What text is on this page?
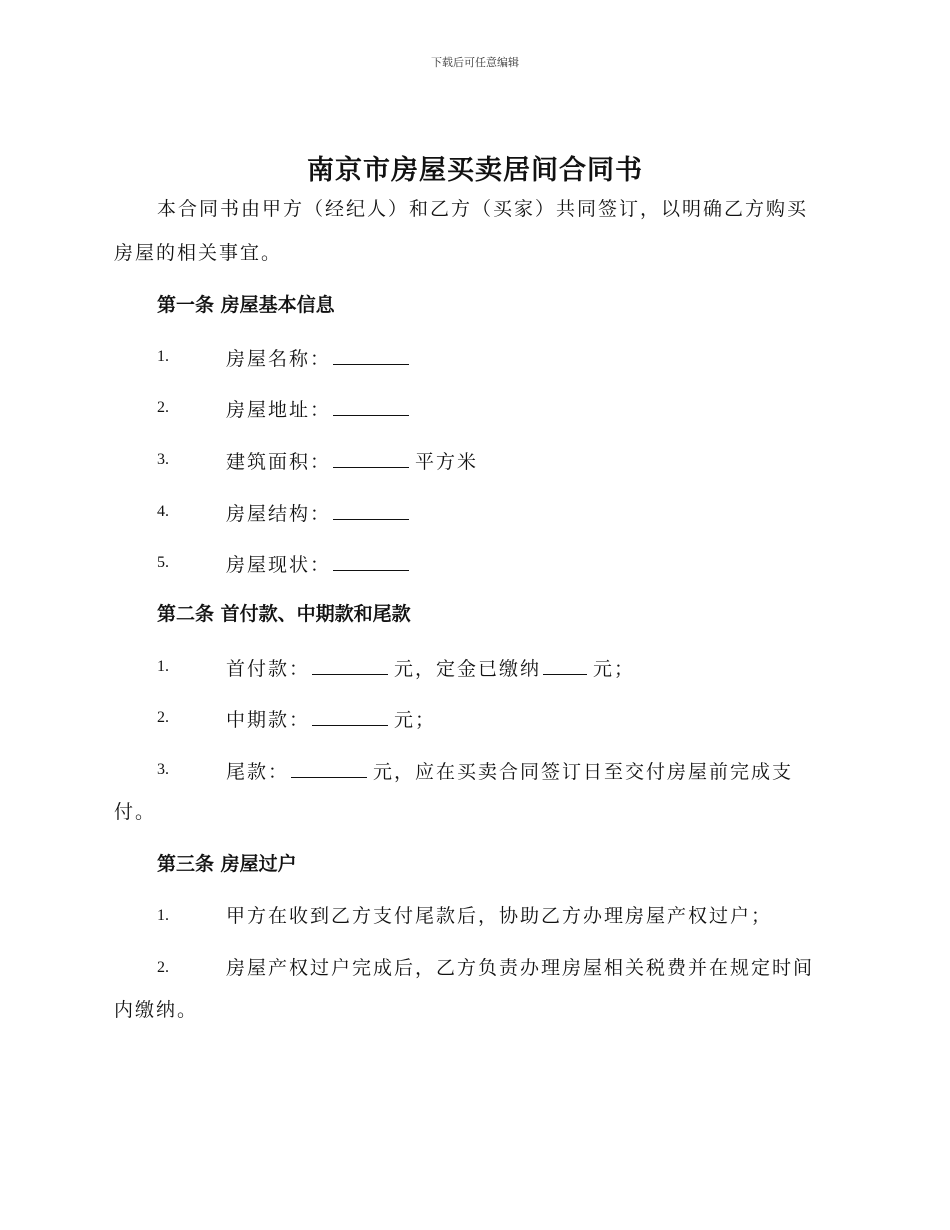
下载后可任意编辑
南京市房屋买卖居间合同书
本合同书由甲方（经纪人）和乙方（买家）共同签订，以明确乙方购买
房屋的相关事宜。
第一条 房屋基本信息
1.	房屋名称：
2.	房屋地址：
3.	建筑面积：	平方米
4.	房屋结构：
5.	房屋现状：
第二条 首付款、中期款和尾款
1.	首付款：	元，定金已缴纳	元；
2.	中期款：	元；
3.	尾款：	元，应在买卖合同签订日至交付房屋前完成支
付。
第三条 房屋过户
1.	甲方在收到乙方支付尾款后，协助乙方办理房屋产权过户；
2.	房屋产权过户完成后，乙方负责办理房屋相关税费并在规定时间
内缴纳。
